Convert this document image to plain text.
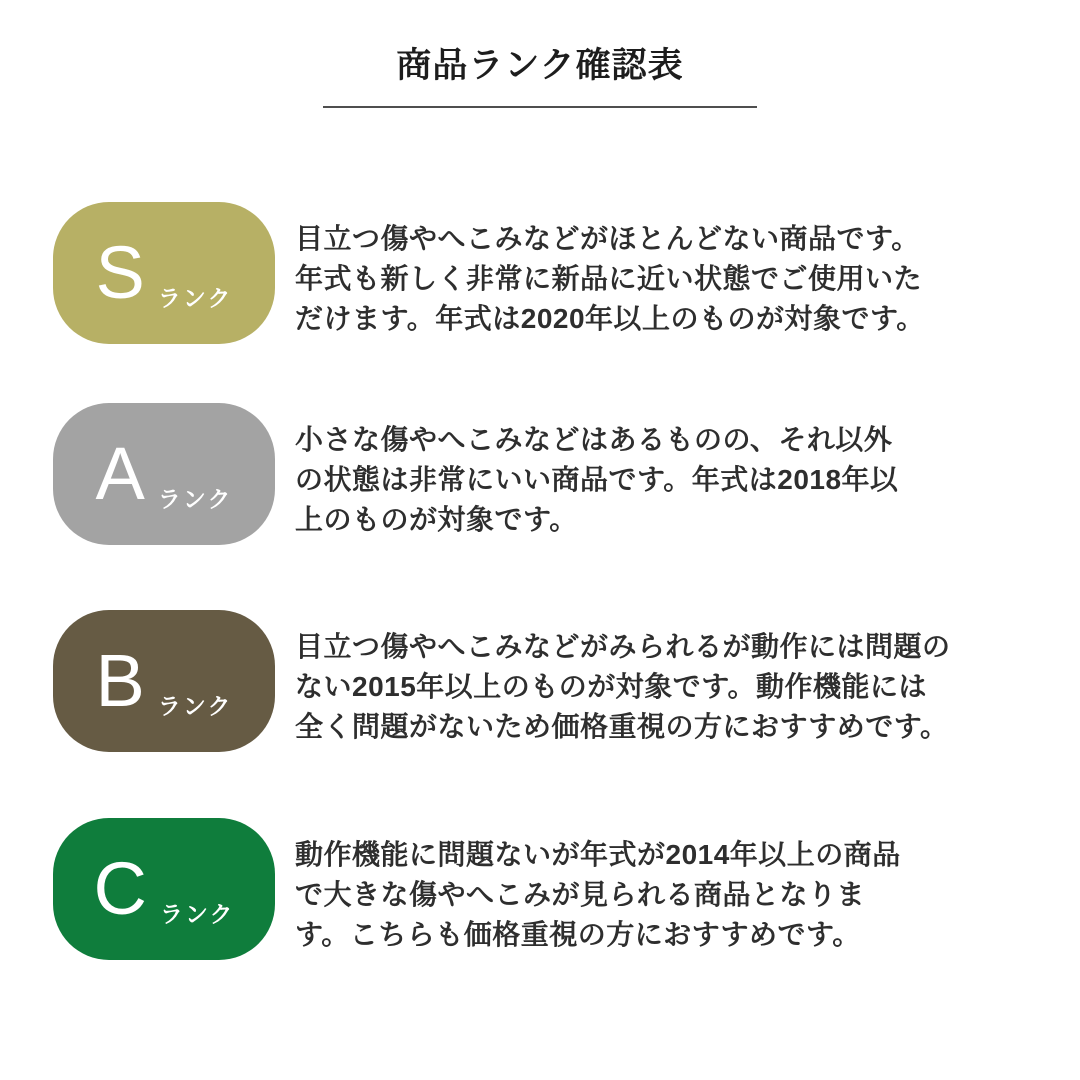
商品ランク確認表
S ランク
目立つ傷やへこみなどがほとんどない商品です。
年式も新しく非常に新品に近い状態でご使用いた
だけます。年式は2020年以上のものが対象です。
A ランク
小さな傷やへこみなどはあるものの、それ以外
の状態は非常にいい商品です。年式は2018年以
上のものが対象です。
B ランク
目立つ傷やへこみなどがみられるが動作には問題の
ない2015年以上のものが対象です。動作機能には
全く問題がないため価格重視の方におすすめです。
C ランク
動作機能に問題ないが年式が2014年以上の商品
で大きな傷やへこみが見られる商品となりま
す。こちらも価格重視の方におすすめです。
